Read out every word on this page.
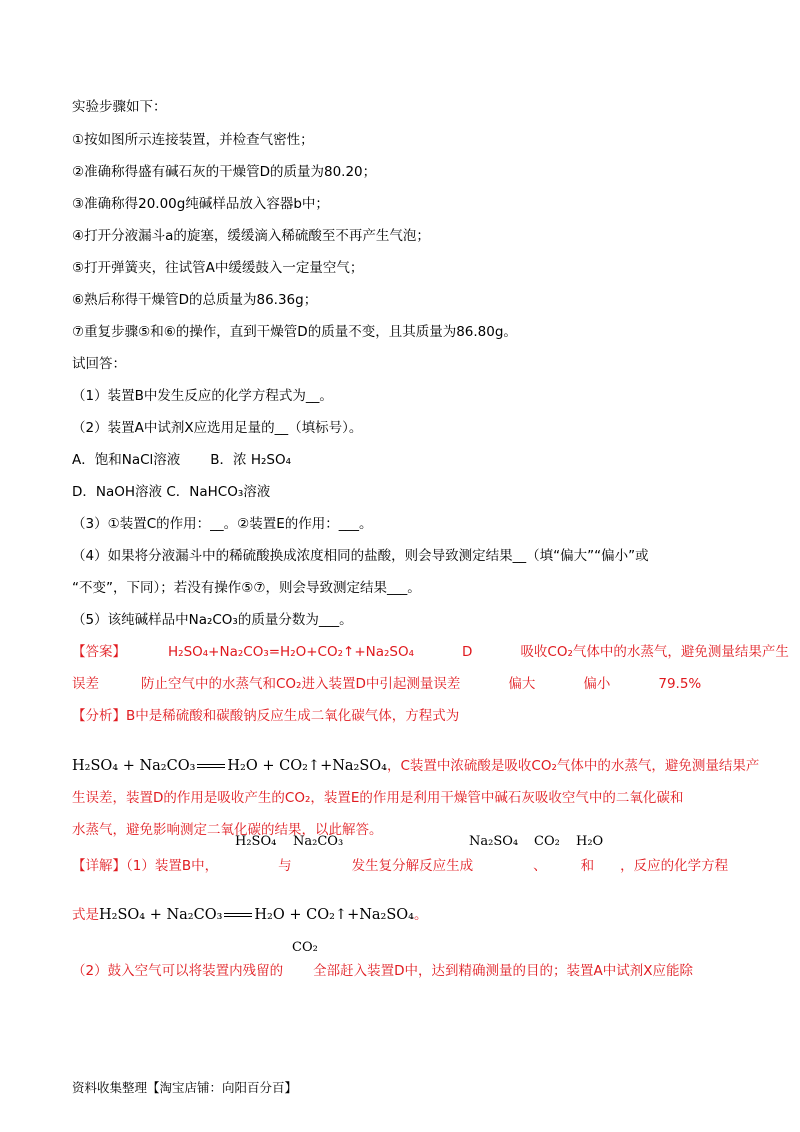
实验步骤如下：
①按如图所示连接装置，并检查气密性；
②准确称得盛有碱石灰的干燥管D的质量为80.20；
③准确称得20.00g纯碱样品放入容器b中；
④打开分液漏斗a的旋塞，缓缓滴入稀硫酸至不再产生气泡；
⑤打开弹簧夹，往试管A中缓缓鼓入一定量空气；
⑥熟后称得干燥管D的总质量为86.36g；
⑦重复步骤⑤和⑥的操作，直到干燥管D的质量不变，且其质量为86.80g。
试回答：
（1）装置B中发生反应的化学方程式为__。
（2）装置A中试剂X应选用足量的__（填标号）。
A．饱和NaCl溶液 B．浓 H₂SO₄
D．NaOH溶液 C．NaHCO₃溶液
（3）①装置C的作用：__。②装置E的作用：___。
（4）如果将分液漏斗中的稀硫酸换成浓度相同的盐酸，则会导致测定结果__（填“偏大”“偏小”或
“不变”，下同）；若没有操作⑤⑦，则会导致测定结果___。
（5）该纯碱样品中Na₂CO₃的质量分数为___。
【答案】	H₂SO₄+Na₂CO₃=H₂O+CO₂↑+Na₂SO₄	D	吸收CO₂气体中的水蒸气，避免测量结果产生
误差	防止空气中的水蒸气和CO₂进入装置D中引起测量误差	偏大	偏小	79.5%
【分析】B中是稀硫酸和碳酸钠反应生成二氧化碳气体，方程式为
H₂SO₄ + Na₂CO₃ H₂O + CO₂↑+Na₂SO₄，C装置中浓硫酸是吸收CO₂气体中的水蒸气，避免测量结果产
生误差，装置D的作用是吸收产生的CO₂，装置E的作用是利用干燥管中碱石灰吸收空气中的二氧化碳和
水蒸气，避免影响测定二氧化碳的结果，以此解答。
【详解】（1）装置B中，	与	发生复分解反应生成	、	和 ，反应的化学方程
H₂SO₄ Na₂CO₃	Na₂SO₄ CO₂ H₂O
式是H₂SO₄ + Na₂CO₃ H₂O + CO₂↑+Na₂SO₄。
（2）鼓入空气可以将装置内残留的 全部赶入装置D中，达到精确测量的目的；装置A中试剂X应能除
CO₂
资料收集整理【淘宝店铺：向阳百分百】
